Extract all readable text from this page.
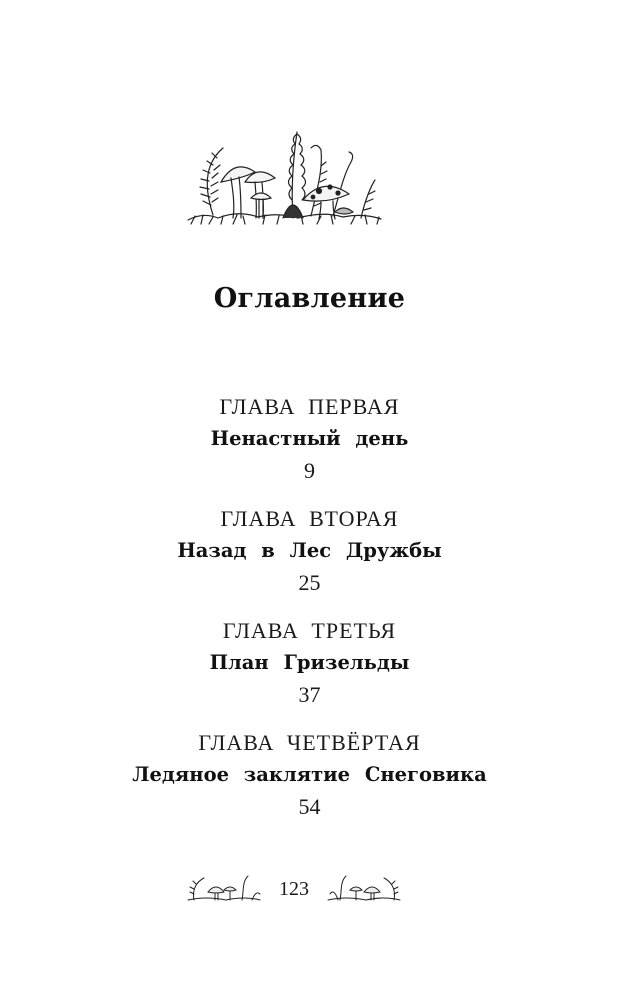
Оглавление
ГЛАВА ПЕРВАЯ
Ненастный день
9
ГЛАВА ВТОРАЯ
Назад в Лес Дружбы
25
ГЛАВА ТРЕТЬЯ
План Гризельды
37
ГЛАВА ЧЕТВЁРТАЯ
Ледяное заклятие Снеговика
54
123
